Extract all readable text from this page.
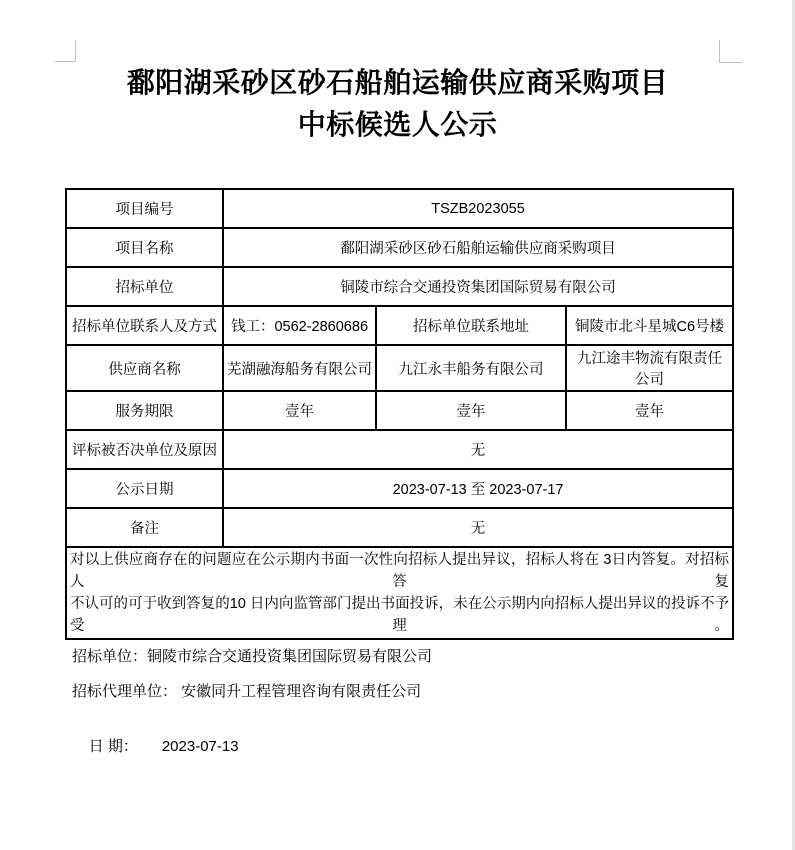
鄱阳湖采砂区砂石船舶运输供应商采购项目
中标候选人公示
项目编号	TSZB2023055		
项目名称	鄱阳湖采砂区砂石船舶运输供应商采购项目		
招标单位	铜陵市综合交通投资集团国际贸易有限公司		
招标单位联系人及方式	钱工：0562-2860686	招标单位联系地址	铜陵市北斗星城C6号楼
供应商名称	芜湖融海船务有限公司	九江永丰船务有限公司	九江途丰物流有限责任公司
服务期限	壹年	壹年	壹年
评标被否决单位及原因	无		
公示日期	2023-07-13 至 2023-07-17		
备注	无		

对以上供应商存在的问题应在公示期内书面一次性向招标人提出异议，招标人将在 3日内答复。对招标人答复
不认可的可于收到答复的10 日内向监管部门提出书面投诉，未在公示期内向招标人提出异议的投诉不予受理。			
招标单位：铜陵市综合交通投资集团国际贸易有限公司
招标代理单位： 安徽同升工程管理咨询有限责任公司

日 期： 2023-07-13
